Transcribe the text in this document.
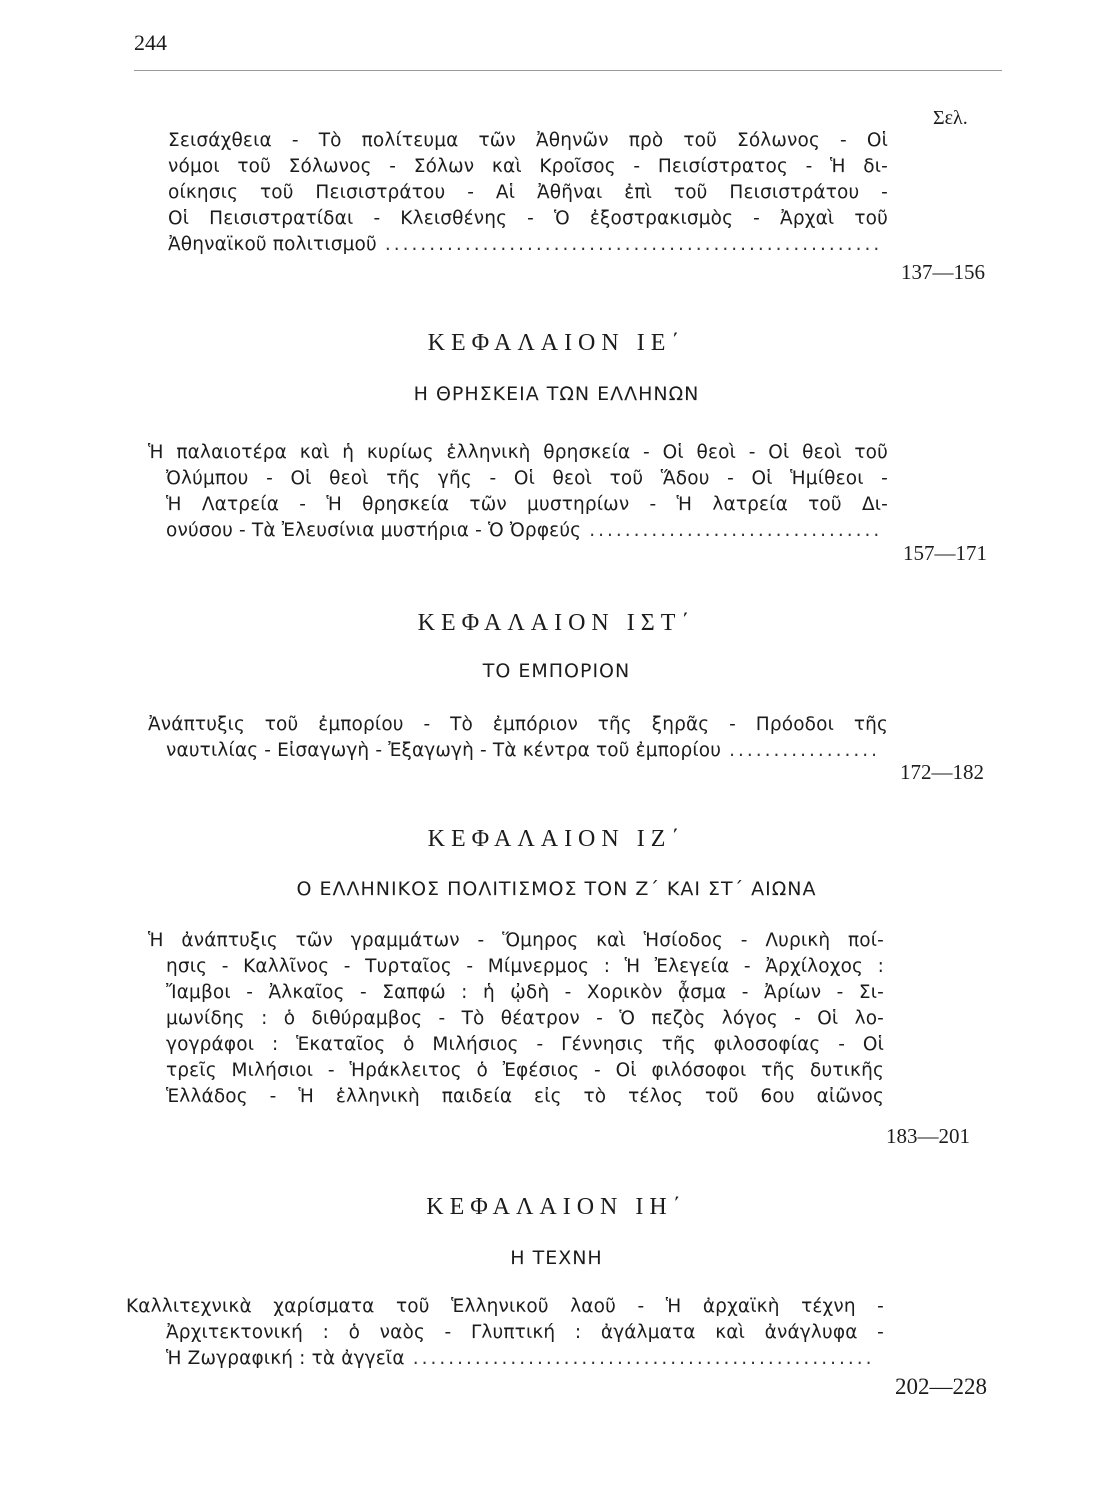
244
Σελ.
Σεισάχθεια - Τὸ πολίτευμα τῶν Ἀθηνῶν πρὸ τοῦ Σόλωνος - Οἱ
νόμοι τοῦ Σόλωνος - Σόλων καὶ Κροῖσος - Πεισίστρατος - Ἡ δι-
οίκησις τοῦ Πεισιστράτου - Αἱ Ἀθῆναι ἐπὶ τοῦ Πεισιστράτου -
Οἱ Πεισιστρατίδαι - Κλεισθένης - Ὁ ἐξοστρακισμὸς - Ἀρχαὶ τοῦ
Ἀθηναϊκοῦ πολιτισμοῦ
.....
137—156
ΚΕΦΑΛΑΙΟΝ ΙΕ΄
Η ΘΡΗΣΚΕΙΑ ΤΩΝ ΕΛΛΗΝΩΝ
Ἡ παλαιοτέρα καὶ ἡ κυρίως ἑλληνικὴ θρησκεία - Οἱ θεοὶ - Οἱ θεοὶ τοῦ
Ὀλύμπου - Οἱ θεοὶ τῆς γῆς - Οἱ θεοὶ τοῦ Ἅδου - Οἱ Ἡμίθεοι -
Ἡ Λατρεία - Ἡ θρησκεία τῶν μυστηρίων - Ἡ λατρεία τοῦ Δι-
ονύσου - Τὰ Ἐλευσίνια μυστήρια - Ὁ Ὀρφεύς
.....
157—171
ΚΕΦΑΛΑΙΟΝ ΙΣΤ΄
ΤΟ ΕΜΠΟΡΙΟΝ
Ἀνάπτυξις τοῦ ἐμπορίου - Τὸ ἐμπόριον τῆς ξηρᾶς - Πρόοδοι τῆς
ναυτιλίας - Εἰσαγωγὴ - Ἐξαγωγὴ - Τὰ κέντρα τοῦ ἐμπορίου
.....
172—182
ΚΕΦΑΛΑΙΟΝ ΙΖ΄
Ο ΕΛΛΗΝΙΚΟΣ ΠΟΛΙΤΙΣΜΟΣ ΤΟΝ Ζ΄ ΚΑΙ ΣΤ΄ ΑΙΩΝΑ
Ἡ ἀνάπτυξις τῶν γραμμάτων - Ὅμηρος καὶ Ἡσίοδος - Λυρικὴ ποί-
ησις - Καλλῖνος - Τυρταῖος - Μίμνερμος : Ἡ Ἐλεγεία - Ἀρχίλοχος :
Ἴαμβοι - Ἀλκαῖος - Σαπφώ : ἡ ᾠδὴ - Χορικὸν ᾆσμα - Ἀρίων - Σι-
μωνίδης : ὁ διθύραμβος - Τὸ θέατρον - Ὁ πεζὸς λόγος - Οἱ λο-
γογράφοι : Ἑκαταῖος ὁ Μιλήσιος - Γέννησις τῆς φιλοσοφίας - Οἱ
τρεῖς Μιλήσιοι - Ἡράκλειτος ὁ Ἐφέσιος - Οἱ φιλόσοφοι τῆς δυτικῆς
Ἑλλάδος - Ἡ ἑλληνικὴ παιδεία εἰς τὸ τέλος τοῦ 6ου αἰῶνος
183—201
ΚΕΦΑΛΑΙΟΝ ΙΗ΄
Η ΤΕΧΝΗ
Καλλιτεχνικὰ χαρίσματα τοῦ Ἑλληνικοῦ λαοῦ - Ἡ ἀρχαϊκὴ τέχνη -
Ἀρχιτεκτονική : ὁ ναὸς - Γλυπτική : ἀγάλματα καὶ ἀνάγλυφα -
Ἡ Ζωγραφική : τὰ ἀγγεῖα
.....
202—228
